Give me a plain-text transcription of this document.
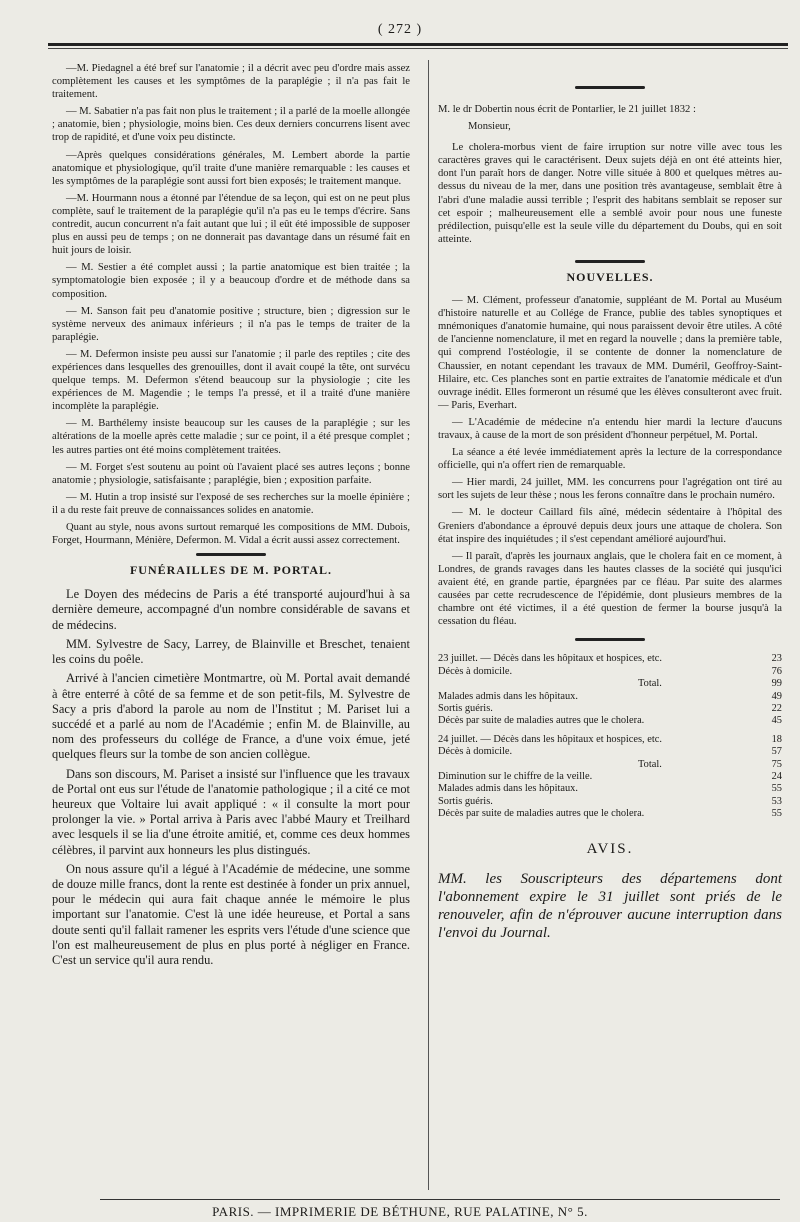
( 272 )

—M. Piedagnel a été bref sur l'anatomie ; il a décrit avec peu d'ordre mais assez complètement les causes et les symptômes de la paraplégie ; il n'a pas fait le traitement.

— M. Sabatier n'a pas fait non plus le traitement ; il a parlé de la moelle allongée ; anatomie, bien ; physiologie, moins bien. Ces deux derniers concurrens lisent avec trop de rapidité, et d'une voix peu distincte.

—Après quelques considérations générales, M. Lembert aborde la partie anatomique et physiologique, qu'il traite d'une manière remarquable : les causes et les symptômes de la paraplégie sont aussi fort bien exposés; le traitement manque.

—M. Hourmann nous a étonné par l'étendue de sa leçon, qui est on ne peut plus complète, sauf le traitement de la paraplégie qu'il n'a pas eu le temps d'écrire. Sans contredit, aucun concurrent n'a fait autant que lui ; il eût été impossible de supposer plus en aussi peu de temps ; on ne donnerait pas davantage dans un résumé fait en huit jours de loisir.

— M. Sestier a été complet aussi ; la partie anatomique est bien traitée ; la symptomatologie bien exposée ; il y a beaucoup d'ordre et de méthode dans sa composition.

— M. Sanson fait peu d'anatomie positive ; structure, bien ; digression sur le système nerveux des animaux inférieurs ; il n'a pas le temps de traiter de la paraplégie.

— M. Defermon insiste peu aussi sur l'anatomie ; il parle des reptiles ; cite des expériences dans lesquelles des grenouilles, dont il avait coupé la tête, ont survécu quelque temps. M. Defermon s'étend beaucoup sur la physiologie ; cite les expériences de M. Magendie ; le temps l'a pressé, et il a traité d'une manière incomplète la paraplégie.

— M. Barthélemy insiste beaucoup sur les causes de la paraplégie ; sur les altérations de la moelle après cette maladie ; sur ce point, il a été presque complet ; les autres parties ont été moins complètement traitées.

— M. Forget s'est soutenu au point où l'avaient placé ses autres leçons ; bonne anatomie ; physiologie, satisfaisante ; paraplégie, bien ; exposition parfaite.

— M. Hutin a trop insisté sur l'exposé de ses recherches sur la moelle épinière ; il a du reste fait preuve de connaissances solides en anatomie.

Quant au style, nous avons surtout remarqué les compositions de MM. Dubois, Forget, Hourmann, Ménière, Defermon. M. Vidal a écrit aussi assez correctement.

FUNÉRAILLES DE M. PORTAL.

Le Doyen des médecins de Paris a été transporté aujourd'hui à sa dernière demeure, accompagné d'un nombre considérable de savans et de médecins.

MM. Sylvestre de Sacy, Larrey, de Blainville et Breschet, tenaient les coins du poêle.

Arrivé à l'ancien cimetière Montmartre, où M. Portal avait demandé à être enterré à côté de sa femme et de son petit-fils, M. Sylvestre de Sacy a pris d'abord la parole au nom de l'Institut ; M. Pariset lui a succédé et a parlé au nom de l'Académie ; enfin M. de Blainville, au nom des professeurs du collége de France, a d'une voix émue, jeté quelques fleurs sur la tombe de son ancien collègue.

Dans son discours, M. Pariset a insisté sur l'influence que les travaux de Portal ont eus sur l'étude de l'anatomie pathologique ; il a cité ce mot heureux que Voltaire lui avait appliqué : « il consulte la mort pour prolonger la vie. » Portal arriva à Paris avec l'abbé Maury et Treilhard avec lesquels il se lia d'une étroite amitié, et, comme ces deux hommes célèbres, il parvint aux honneurs les plus distingués.

On nous assure qu'il a légué à l'Académie de médecine, une somme de douze mille francs, dont la rente est destinée à fonder un prix annuel, pour le médecin qui aura fait chaque année le mémoire le plus important sur l'anatomie. C'est là une idée heureuse, et Portal a sans doute senti qu'il fallait ramener les esprits vers l'étude d'une science que l'on est malheureusement de plus en plus porté à négliger en France. C'est un service qu'il aura rendu.

M. le dr Dobertin nous écrit de Pontarlier, le 21 juillet 1832 :

Monsieur,

Le cholera-morbus vient de faire irruption sur notre ville avec tous les caractères graves qui le caractérisent. Deux sujets déjà en ont été atteints hier, dont l'un paraît hors de danger. Notre ville située à 800 et quelques mètres au-dessus du niveau de la mer, dans une position très avantageuse, semblait être à l'abri d'une maladie aussi terrible ; l'esprit des habitans semblait se reposer sur cet espoir ; malheureusement elle a semblé avoir pour nous une funeste prédilection, puisqu'elle est la seule ville du département du Doubs, qui en soit atteinte.

NOUVELLES.

— M. Clément, professeur d'anatomie, suppléant de M. Portal au Muséum d'histoire naturelle et au Collége de France, publie des tables synoptiques et mnémoniques d'anatomie humaine, qui nous paraissent devoir être utiles. A côté de l'ancienne nomenclature, il met en regard la nouvelle ; dans la première table, qui comprend l'ostéologie, il se contente de donner la nomenclature de Chaussier, en notant cependant les travaux de MM. Duméril, Geoffroy-Saint-Hilaire, etc. Ces planches sont en partie extraites de l'anatomie médicale et d'un ouvrage inédit. Elles formeront un résumé que les élèves consulteront avec fruit. — Paris, Everhart.

— L'Académie de médecine n'a entendu hier mardi la lecture d'aucuns travaux, à cause de la mort de son président d'honneur perpétuel, M. Portal.

La séance a été levée immédiatement après la lecture de la correspondance officielle, qui n'a offert rien de remarquable.

— Hier mardi, 24 juillet, MM. les concurrens pour l'agrégation ont tiré au sort les sujets de leur thèse ; nous les ferons connaître dans le prochain numéro.

— M. le docteur Caillard fils aîné, médecin sédentaire à l'hôpital des Greniers d'abondance a éprouvé depuis deux jours une attaque de cholera. Son état inspire des inquiétudes ; il s'est cependant amélioré aujourd'hui.

— Il paraît, d'après les journaux anglais, que le cholera fait en ce moment, à Londres, de grands ravages dans les hautes classes de la société qui jusqu'ici avaient été, en grande partie, épargnées par ce fléau. Par suite des alarmes causées par cette recrudescence de l'épidémie, dont plusieurs membres de la chambre ont été victimes, il a été question de fermer la bourse jusqu'à la cessation du fléau.

23 juillet. — Décès dans les hôpitaux et hospices, etc.	23
Décès à domicile.	76
Total.	99
Malades admis dans les hôpitaux.	49
Sortis guéris.	22
Décès par suite de maladies autres que le cholera.	45

24 juillet. — Décès dans les hôpitaux et hospices, etc.	18
Décès à domicile.	57
Total.	75
Diminution sur le chiffre de la veille.	24
Malades admis dans les hôpitaux.	55
Sortis guéris.	53
Décès par suite de maladies autres que le cholera.	55
AVIS.

MM. les Souscripteurs des départemens dont l'abonnement expire le 31 juillet sont priés de le renouveler, afin de n'éprouver aucune interruption dans l'envoi du Journal.

PARIS. — IMPRIMERIE DE BÉTHUNE, RUE PALATINE, N° 5.
